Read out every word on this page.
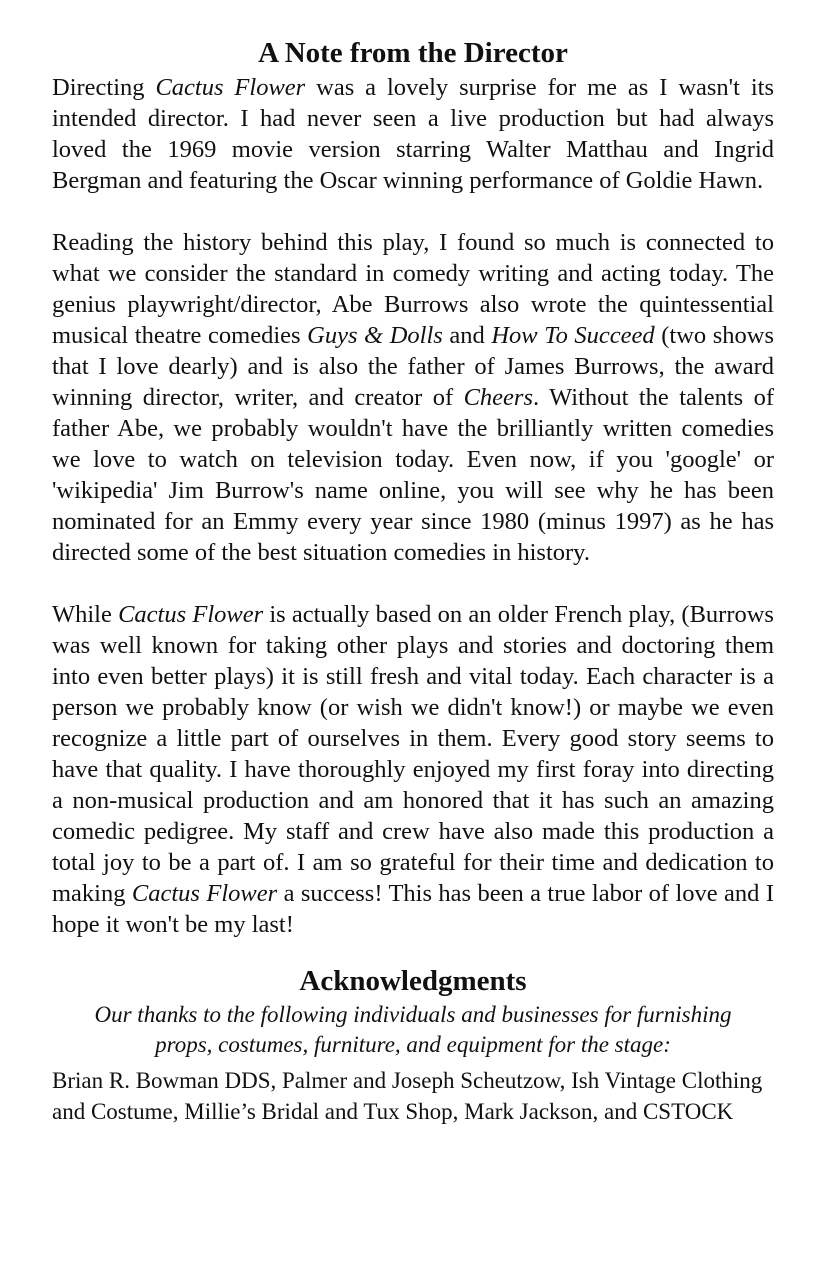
A Note from the Director

Directing Cactus Flower was a lovely surprise for me as I wasn't its intended director. I had never seen a live production but had always loved the 1969 movie version starring Walter Matthau and Ingrid Bergman and featuring the Oscar winning performance of Goldie Hawn.

Reading the history behind this play, I found so much is connected to what we consider the standard in comedy writing and acting today. The genius playwright/director, Abe Burrows also wrote the quintessential musical theatre comedies Guys & Dolls and How To Succeed (two shows that I love dearly) and is also the father of James Burrows, the award winning director, writer, and creator of Cheers. Without the talents of father Abe, we probably wouldn't have the brilliantly written comedies we love to watch on television today. Even now, if you 'google' or 'wikipedia' Jim Burrow's name online, you will see why he has been nominated for an Emmy every year since 1980 (minus 1997) as he has directed some of the best situation comedies in history.

While Cactus Flower is actually based on an older French play, (Burrows was well known for taking other plays and stories and doctoring them into even better plays) it is still fresh and vital today. Each character is a person we probably know (or wish we didn't know!) or maybe we even recognize a little part of ourselves in them. Every good story seems to have that quality. I have thoroughly enjoyed my first foray into directing a non-musical production and am honored that it has such an amazing comedic pedigree. My staff and crew have also made this production a total joy to be a part of. I am so grateful for their time and dedication to making Cactus Flower a success! This has been a true labor of love and I hope it won't be my last!

Acknowledgments

Our thanks to the following individuals and businesses for furnishing
props, costumes, furniture, and equipment for the stage:

Brian R. Bowman DDS, Palmer and Joseph Scheutzow, Ish Vintage Clothing and Costume, Millie’s Bridal and Tux Shop, Mark Jackson, and CSTOCK
